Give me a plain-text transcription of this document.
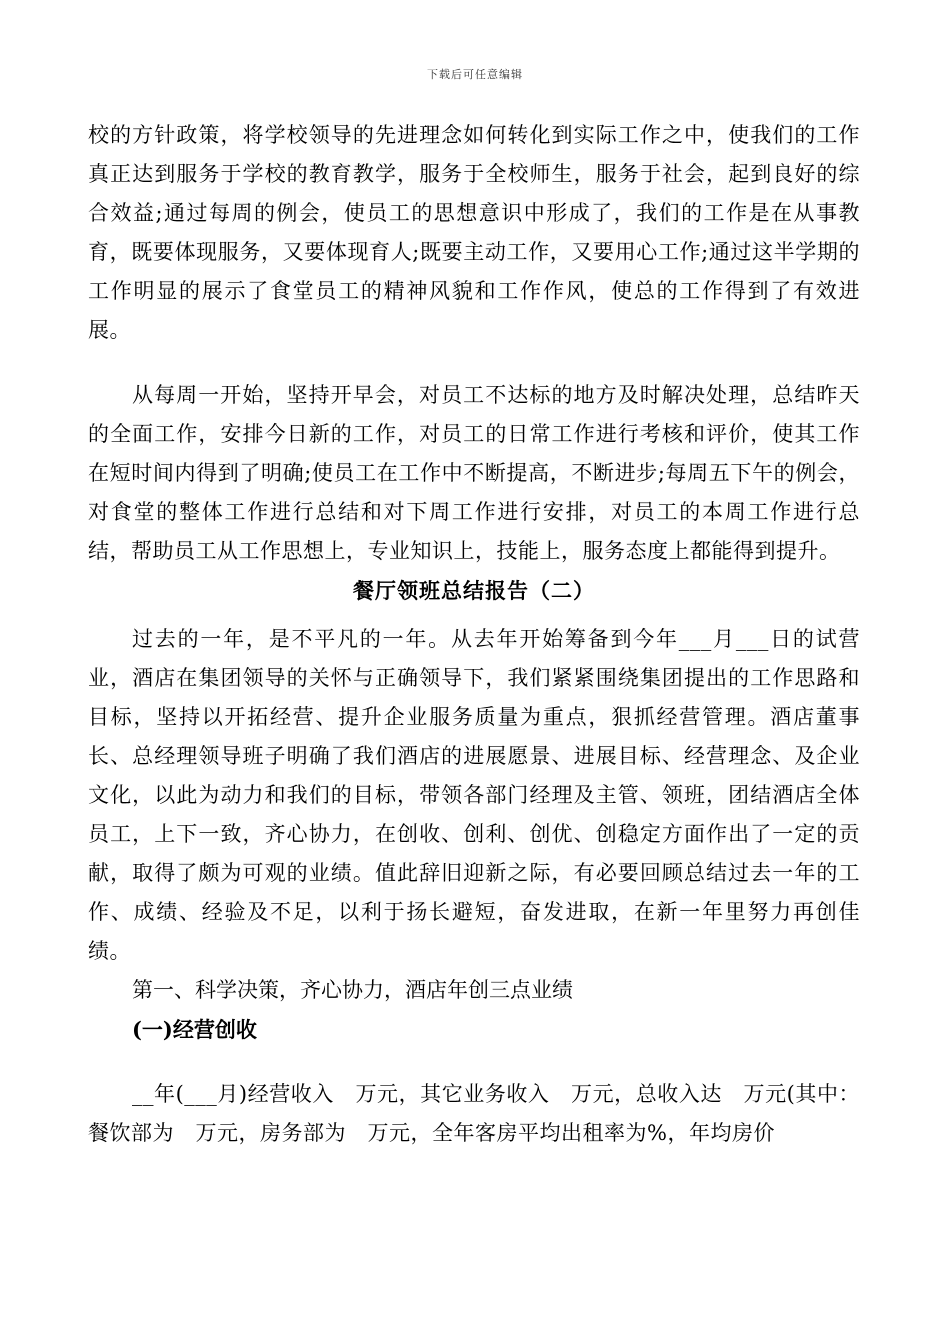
下载后可任意编辑

校的方针政策，将学校领导的先进理念如何转化到实际工作之中，使我们的工作真正达到服务于学校的教育教学，服务于全校师生，服务于社会，起到良好的综合效益;通过每周的例会，使员工的思想意识中形成了，我们的工作是在从事教育，既要体现服务，又要体现育人;既要主动工作，又要用心工作;通过这半学期的工作明显的展示了食堂员工的精神风貌和工作作风，使总的工作得到了有效进展。

从每周一开始，坚持开早会，对员工不达标的地方及时解决处理，总结昨天的全面工作，安排今日新的工作，对员工的日常工作进行考核和评价，使其工作在短时间内得到了明确;使员工在工作中不断提高，不断进步;每周五下午的例会，对食堂的整体工作进行总结和对下周工作进行安排，对员工的本周工作进行总结，帮助员工从工作思想上，专业知识上，技能上，服务态度上都能得到提升。

餐厅领班总结报告（二）

过去的一年，是不平凡的一年。从去年开始筹备到今年___月___日的试营业，酒店在集团领导的关怀与正确领导下，我们紧紧围绕集团提出的工作思路和目标，坚持以开拓经营、提升企业服务质量为重点，狠抓经营管理。酒店董事长、总经理领导班子明确了我们酒店的进展愿景、进展目标、经营理念、及企业文化，以此为动力和我们的目标，带领各部门经理及主管、领班，团结酒店全体员工，上下一致，齐心协力，在创收、创利、创优、创稳定方面作出了一定的贡献，取得了颇为可观的业绩。值此辞旧迎新之际，有必要回顾总结过去一年的工作、成绩、经验及不足，以利于扬长避短，奋发进取，在新一年里努力再创佳绩。

第一、科学决策，齐心协力，酒店年创三点业绩

(一)经营创收

__年(___月)经营收入　万元，其它业务收入　万元，总收入达　万元(其中：餐饮部为　万元，房务部为　万元，全年客房平均出租率为%，年均房价
